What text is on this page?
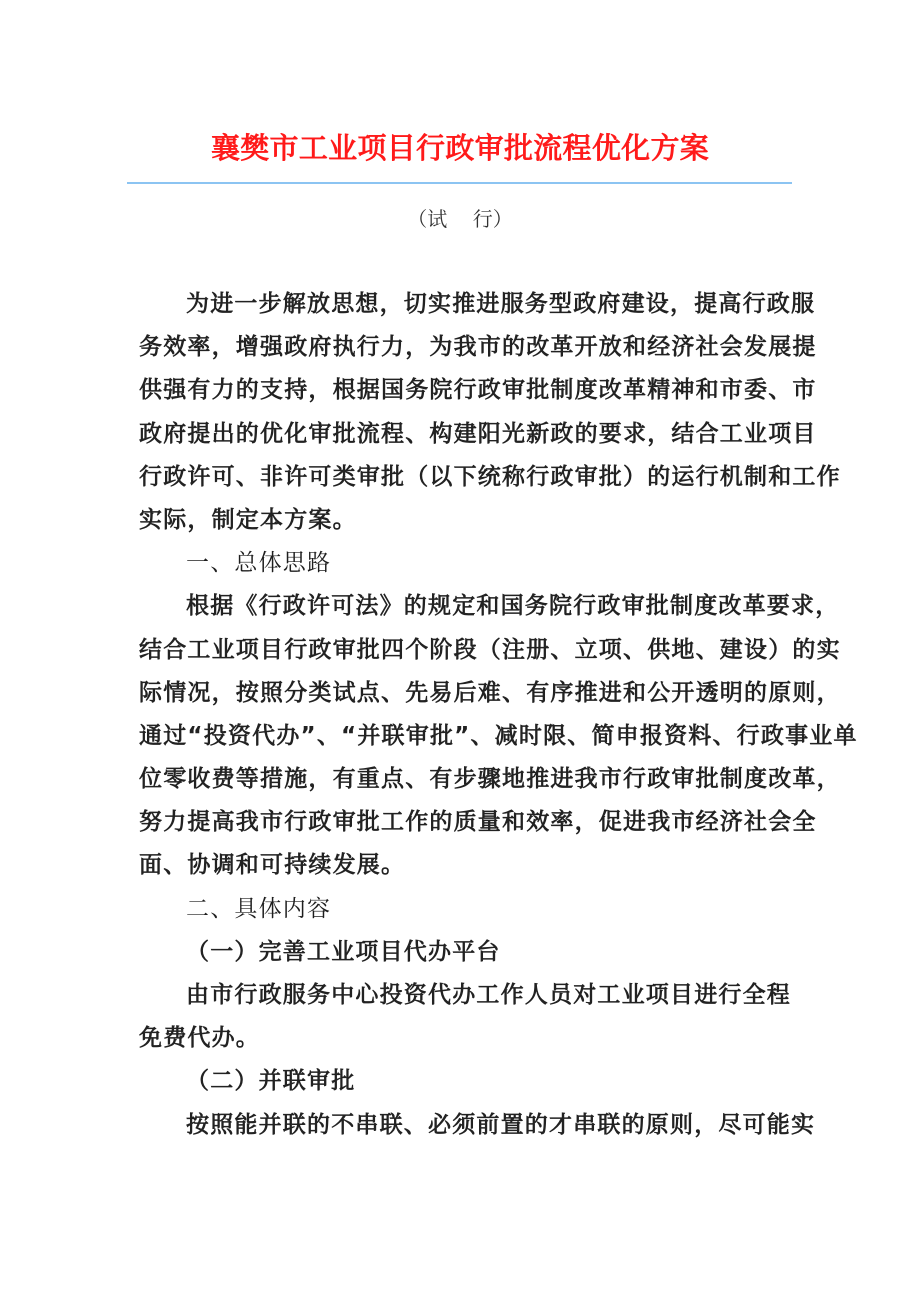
襄樊市工业项目行政审批流程优化方案
（试    行）
为进一步解放思想，切实推进服务型政府建设，提高行政服
务效率，增强政府执行力，为我市的改革开放和经济社会发展提
供强有力的支持，根据国务院行政审批制度改革精神和市委、市
政府提出的优化审批流程、构建阳光新政的要求，结合工业项目
行政许可、非许可类审批（以下统称行政审批）的运行机制和工作
实际，制定本方案。
一、总体思路
根据《行政许可法》的规定和国务院行政审批制度改革要求，
结合工业项目行政审批四个阶段（注册、立项、供地、建设）的实
际情况，按照分类试点、先易后难、有序推进和公开透明的原则，
通过“投资代办”、“并联审批”、减时限、简申报资料、行政事业单
位零收费等措施，有重点、有步骤地推进我市行政审批制度改革，
努力提高我市行政审批工作的质量和效率，促进我市经济社会全
面、协调和可持续发展。
二、具体内容
（一）完善工业项目代办平台
由市行政服务中心投资代办工作人员对工业项目进行全程
免费代办。
（二）并联审批
按照能并联的不串联、必须前置的才串联的原则，尽可能实
